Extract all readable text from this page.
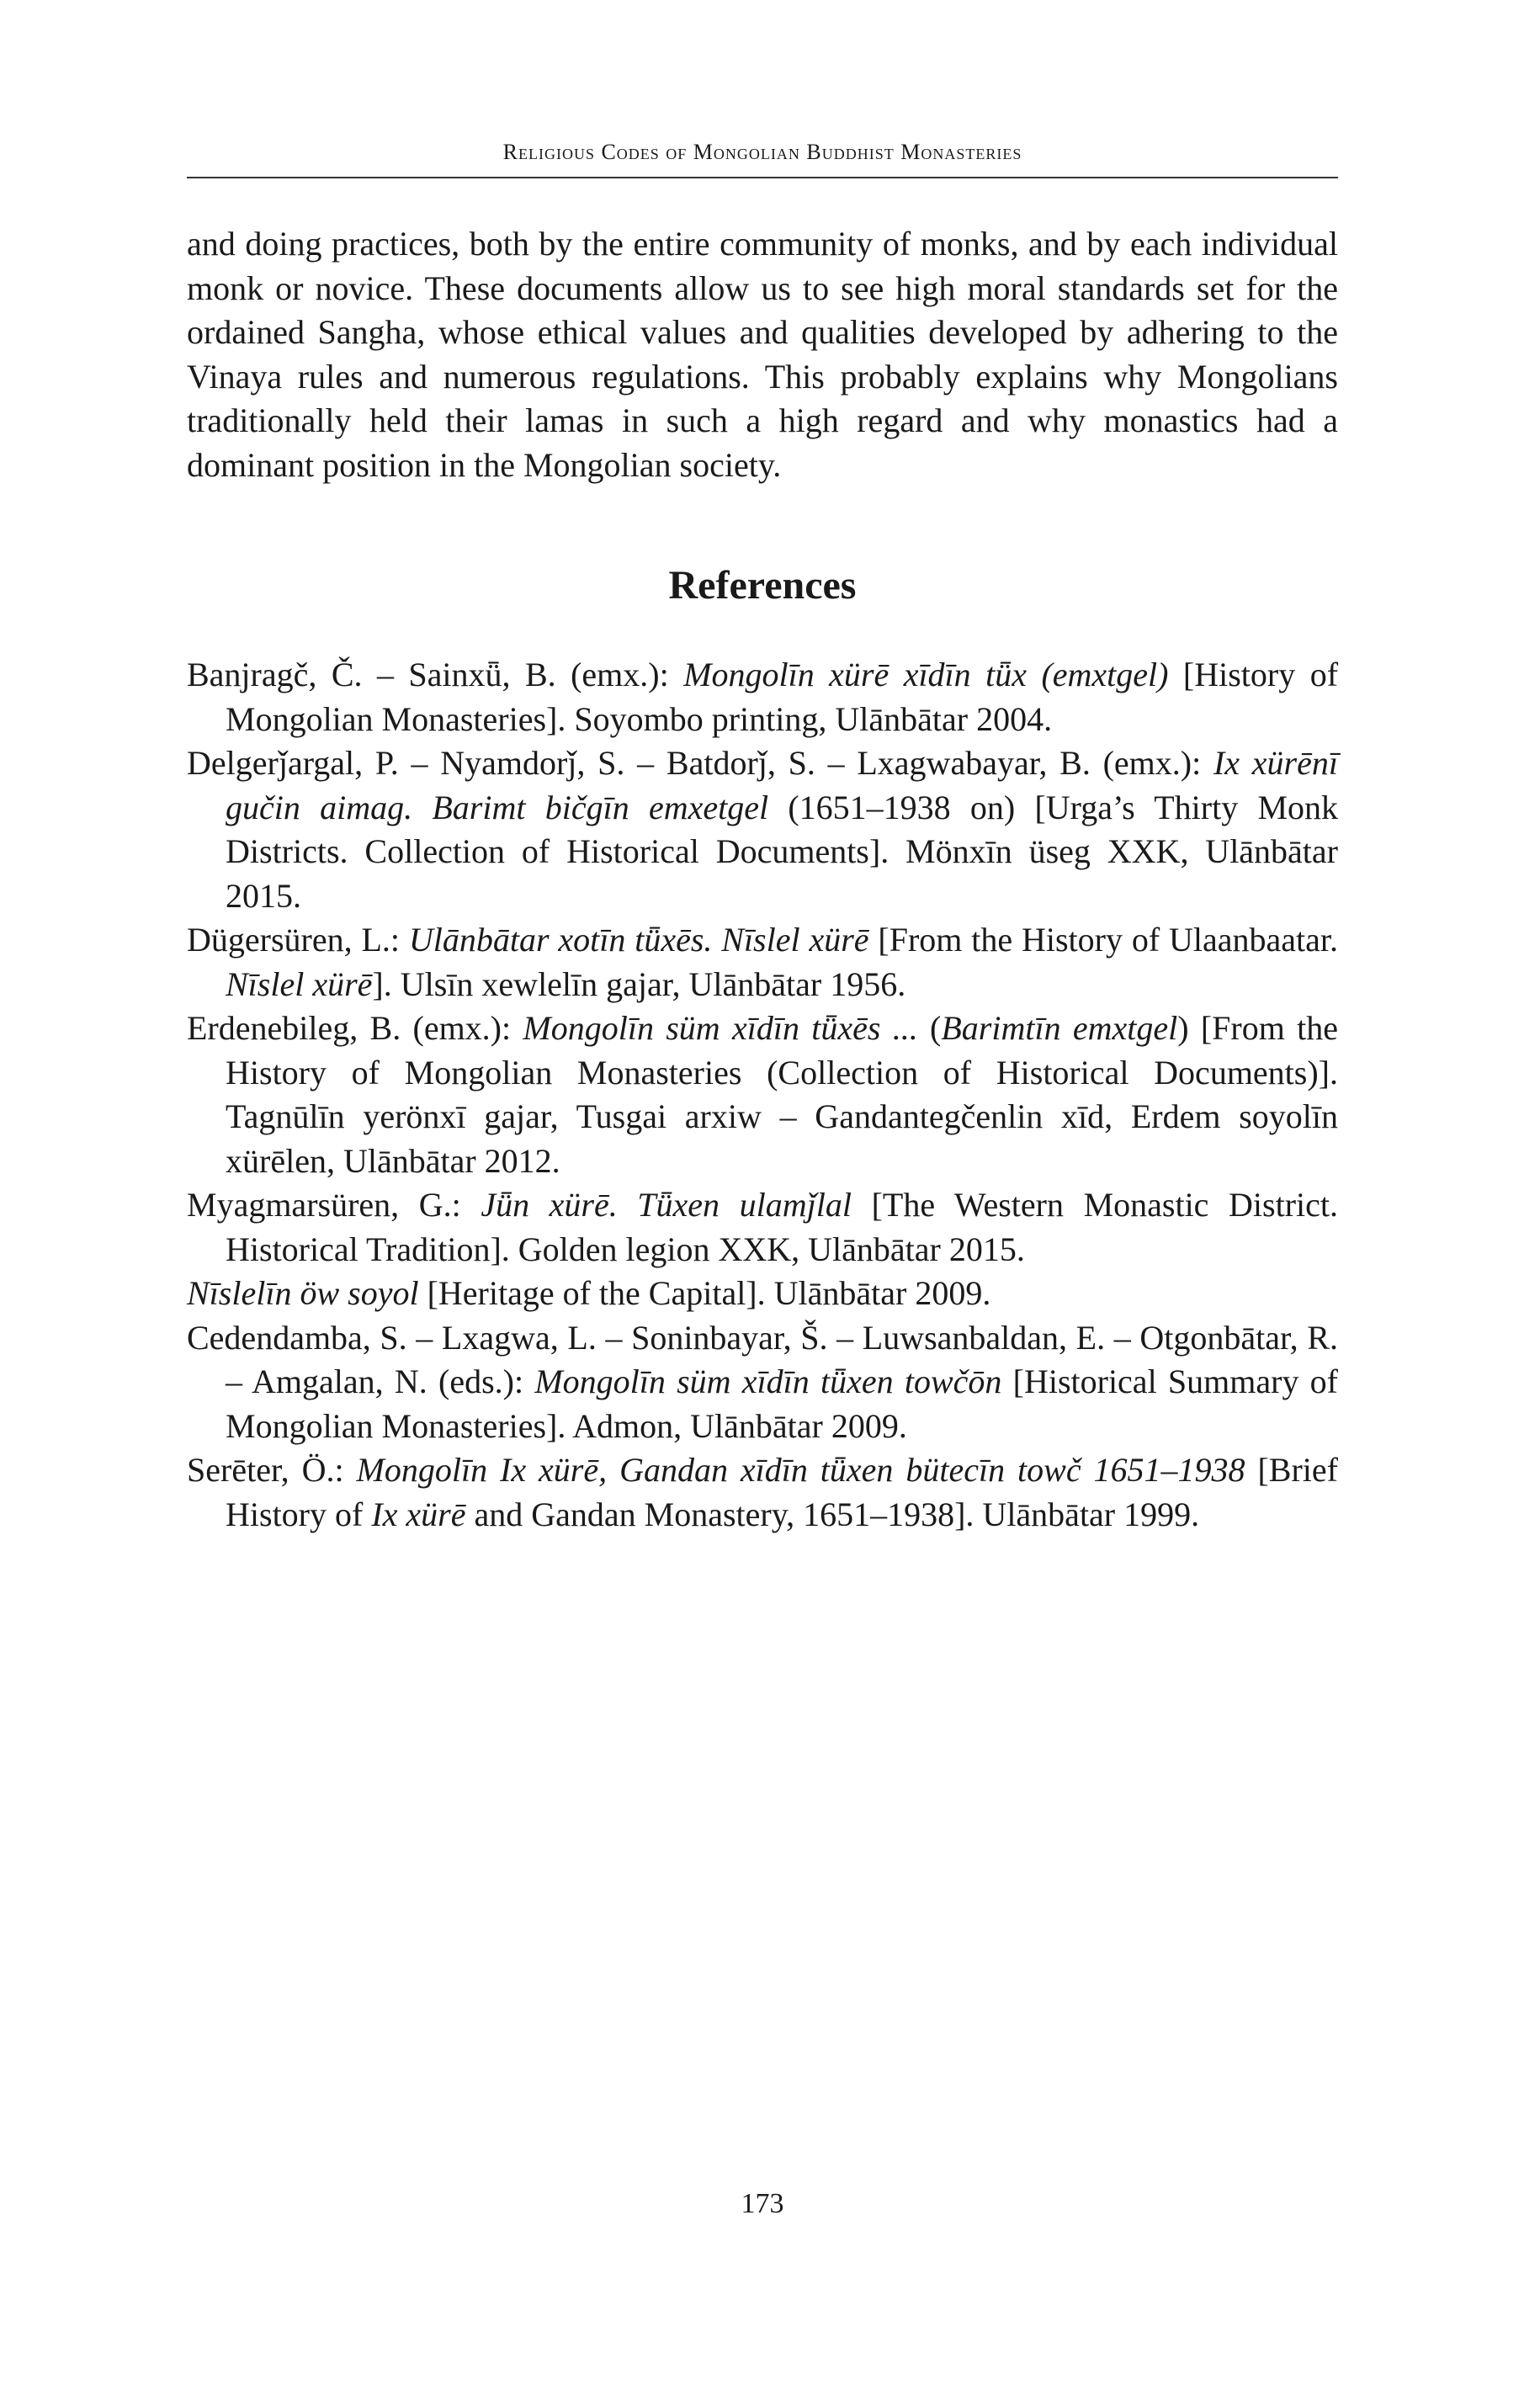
Religious Codes of Mongolian Buddhist Monasteries

and doing practices, both by the entire community of monks, and by each individual monk or novice. These documents allow us to see high moral standards set for the ordained Sangha, whose ethical values and qualities developed by adhering to the Vinaya rules and numerous regulations. This probably explains why Mongolians traditionally held their lamas in such a high regard and why monastics had a dominant position in the Mongolian society.

References
Banjragč, Č. – Sainxǖ, B. (emx.): Mongolīn xürē xīdīn tǖx (emxtgel) [History of Mongolian Monasteries]. Soyombo printing, Ulānbātar 2004.
Delgerǰargal, P. – Nyamdorǰ, S. – Batdorǰ, S. – Lxagwabayar, B. (emx.): Ix xürēnī gučin aimag. Barimt bičgīn emxetgel (1651–1938 on) [Urga’s Thirty Monk Districts. Collection of Historical Documents]. Mönxīn üseg XXK, Ulānbātar 2015.
Dügersüren, L.: Ulānbātar xotīn tǖxēs. Nīslel xürē [From the History of Ulaanbaatar. Nīslel xürē]. Ulsīn xewlelīn gajar, Ulānbātar 1956.
Erdenebileg, B. (emx.): Mongolīn süm xīdīn tǖxēs ... (Barimtīn emxtgel) [From the History of Mongolian Monasteries (Collection of Historical Documents)]. Tagnūlīn yerönxī gajar, Tusgai arxiw – Gandantegčenlin xīd, Erdem soyolīn xürēlen, Ulānbātar 2012.
Myagmarsüren, G.: Jǖn xürē. Tǖxen ulamǰlal [The Western Monastic District. Historical Tradition]. Golden legion XXK, Ulānbātar 2015.
Nīslelīn öw soyol [Heritage of the Capital]. Ulānbātar 2009.
Cedendamba, S. – Lxagwa, L. – Soninbayar, Š. – Luwsanbaldan, E. – Otgonbātar, R. – Amgalan, N. (eds.): Mongolīn süm xīdīn tǖxen towčōn [Historical Summary of Mongolian Monasteries]. Admon, Ulānbātar 2009.
Serēter, Ö.: Mongolīn Ix xürē, Gandan xīdīn tǖxen bütecīn towč 1651–1938 [Brief History of Ix xürē and Gandan Monastery, 1651–1938]. Ulānbātar 1999.
173
